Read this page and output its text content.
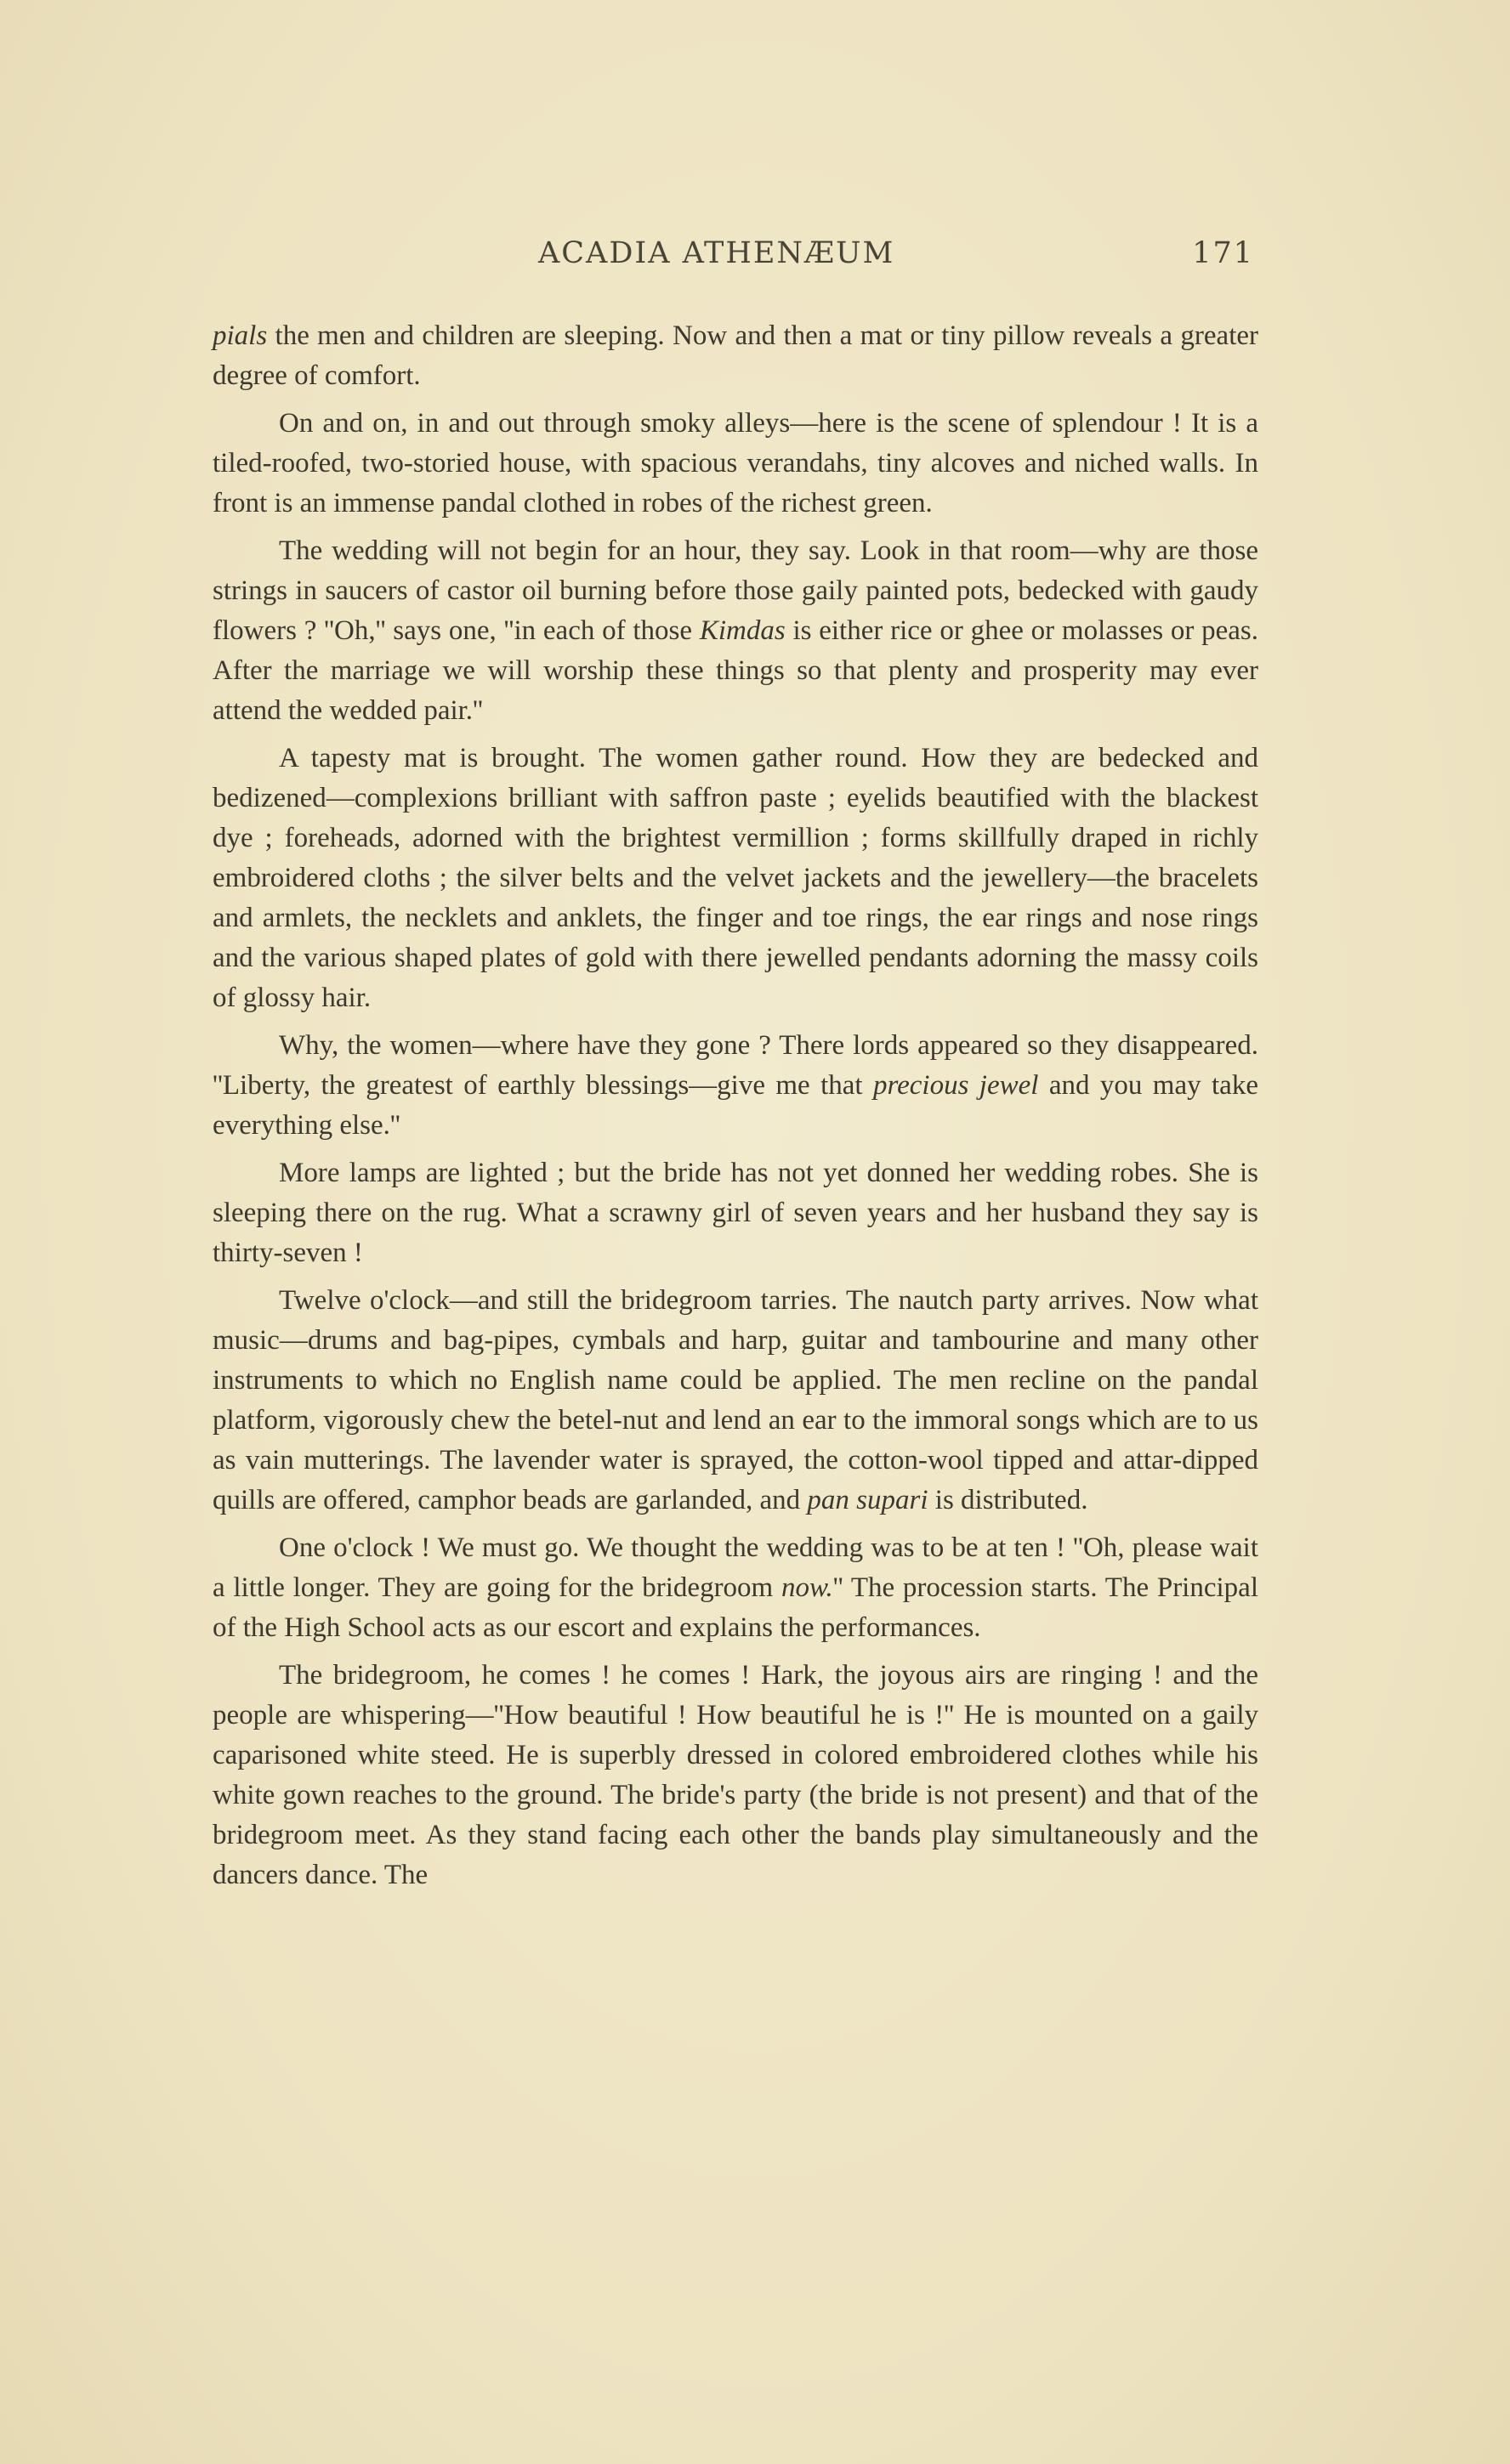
ACADIA ATHENÆUM	171

pials the men and children are sleeping. Now and then a mat or tiny pillow reveals a greater degree of comfort.

On and on, in and out through smoky alleys—here is the scene of splendour ! It is a tiled-roofed, two-storied house, with spacious verandahs, tiny alcoves and niched walls. In front is an immense pandal clothed in robes of the richest green.

The wedding will not begin for an hour, they say. Look in that room—why are those strings in saucers of castor oil burning before those gaily painted pots, bedecked with gaudy flowers ? ''Oh,'' says one, ''in each of those Kimdas is either rice or ghee or molasses or peas. After the marriage we will worship these things so that plenty and prosperity may ever attend the wedded pair.''

A tapesty mat is brought. The women gather round. How they are bedecked and bedizened—complexions brilliant with saffron paste ; eyelids beautified with the blackest dye ; foreheads, adorned with the brightest vermillion ; forms skillfully draped in richly embroidered cloths ; the silver belts and the velvet jackets and the jewellery—the bracelets and armlets, the necklets and anklets, the finger and toe rings, the ear rings and nose rings and the various shaped plates of gold with there jewelled pendants adorning the massy coils of glossy hair.

Why, the women—where have they gone ? There lords appeared so they disappeared. ''Liberty, the greatest of earthly blessings—give me that precious jewel and you may take everything else.''

More lamps are lighted ; but the bride has not yet donned her wedding robes. She is sleeping there on the rug. What a scrawny girl of seven years and her husband they say is thirty-seven !

Twelve o'clock—and still the bridegroom tarries. The nautch party arrives. Now what music—drums and bag-pipes, cymbals and harp, guitar and tambourine and many other instruments to which no English name could be applied. The men recline on the pandal platform, vigorously chew the betel-nut and lend an ear to the immoral songs which are to us as vain mutterings. The lavender water is sprayed, the cotton-wool tipped and attar-dipped quills are offered, camphor beads are garlanded, and pan supari is distributed.

One o'clock ! We must go. We thought the wedding was to be at ten ! ''Oh, please wait a little longer. They are going for the bridegroom now.'' The procession starts. The Principal of the High School acts as our escort and explains the performances.

The bridegroom, he comes ! he comes ! Hark, the joyous airs are ringing ! and the people are whispering—''How beautiful ! How beautiful he is !'' He is mounted on a gaily caparisoned white steed. He is superbly dressed in colored embroidered clothes while his white gown reaches to the ground. The bride's party (the bride is not present) and that of the bridegroom meet. As they stand facing each other the bands play simultaneously and the dancers dance. The
